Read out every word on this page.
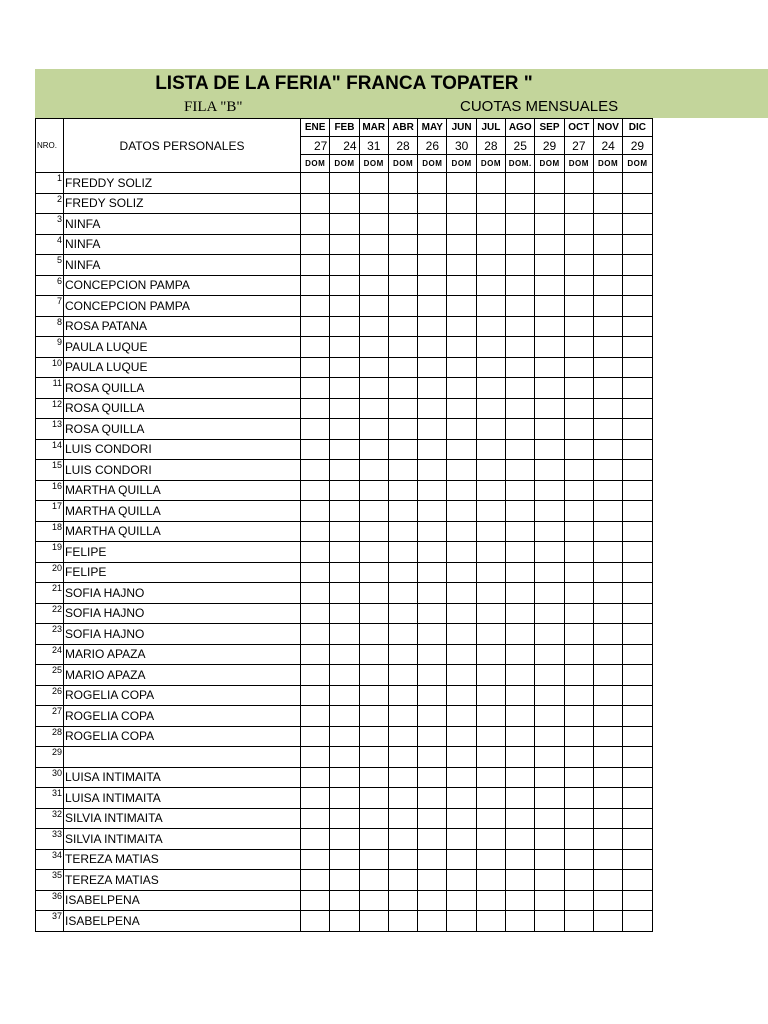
LISTA DE LA FERIA" FRANCA TOPATER "
FILA "B"	CUOTAS MENSUALES
NRO.	DATOS PERSONALES	ENE	FEB	MAR	ABR	MAY	JUN	JUL	AGO	SEP	OCT	NOV	DIC
		27	24	31	28	26	30	28	25	29	27	24	29
		DOM	DOM	DOM	DOM	DOM	DOM	DOM	DOM.	DOM	DOM	DOM	DOM
1	FREDDY SOLIZ												
2	FREDY SOLIZ												
3	NINFA												
4	NINFA												
5	NINFA												
6	CONCEPCION PAMPA												
7	CONCEPCION PAMPA												
8	ROSA PATANA												
9	PAULA LUQUE												
10	PAULA LUQUE												
11	ROSA QUILLA												
12	ROSA QUILLA												
13	ROSA QUILLA												
14	LUIS CONDORI												
15	LUIS CONDORI												
16	MARTHA QUILLA												
17	MARTHA QUILLA												
18	MARTHA QUILLA												
19	FELIPE												
20	FELIPE												
21	SOFIA HAJNO												
22	SOFIA HAJNO												
23	SOFIA HAJNO												
24	MARIO APAZA												
25	MARIO APAZA												
26	ROGELIA COPA												
27	ROGELIA COPA												
28	ROGELIA COPA												
29													
30	LUISA INTIMAITA												
31	LUISA INTIMAITA												
32	SILVIA INTIMAITA												
33	SILVIA INTIMAITA												
34	TEREZA MATIAS												
35	TEREZA MATIAS												
36	ISABELPENA												
37	ISABELPENA												
